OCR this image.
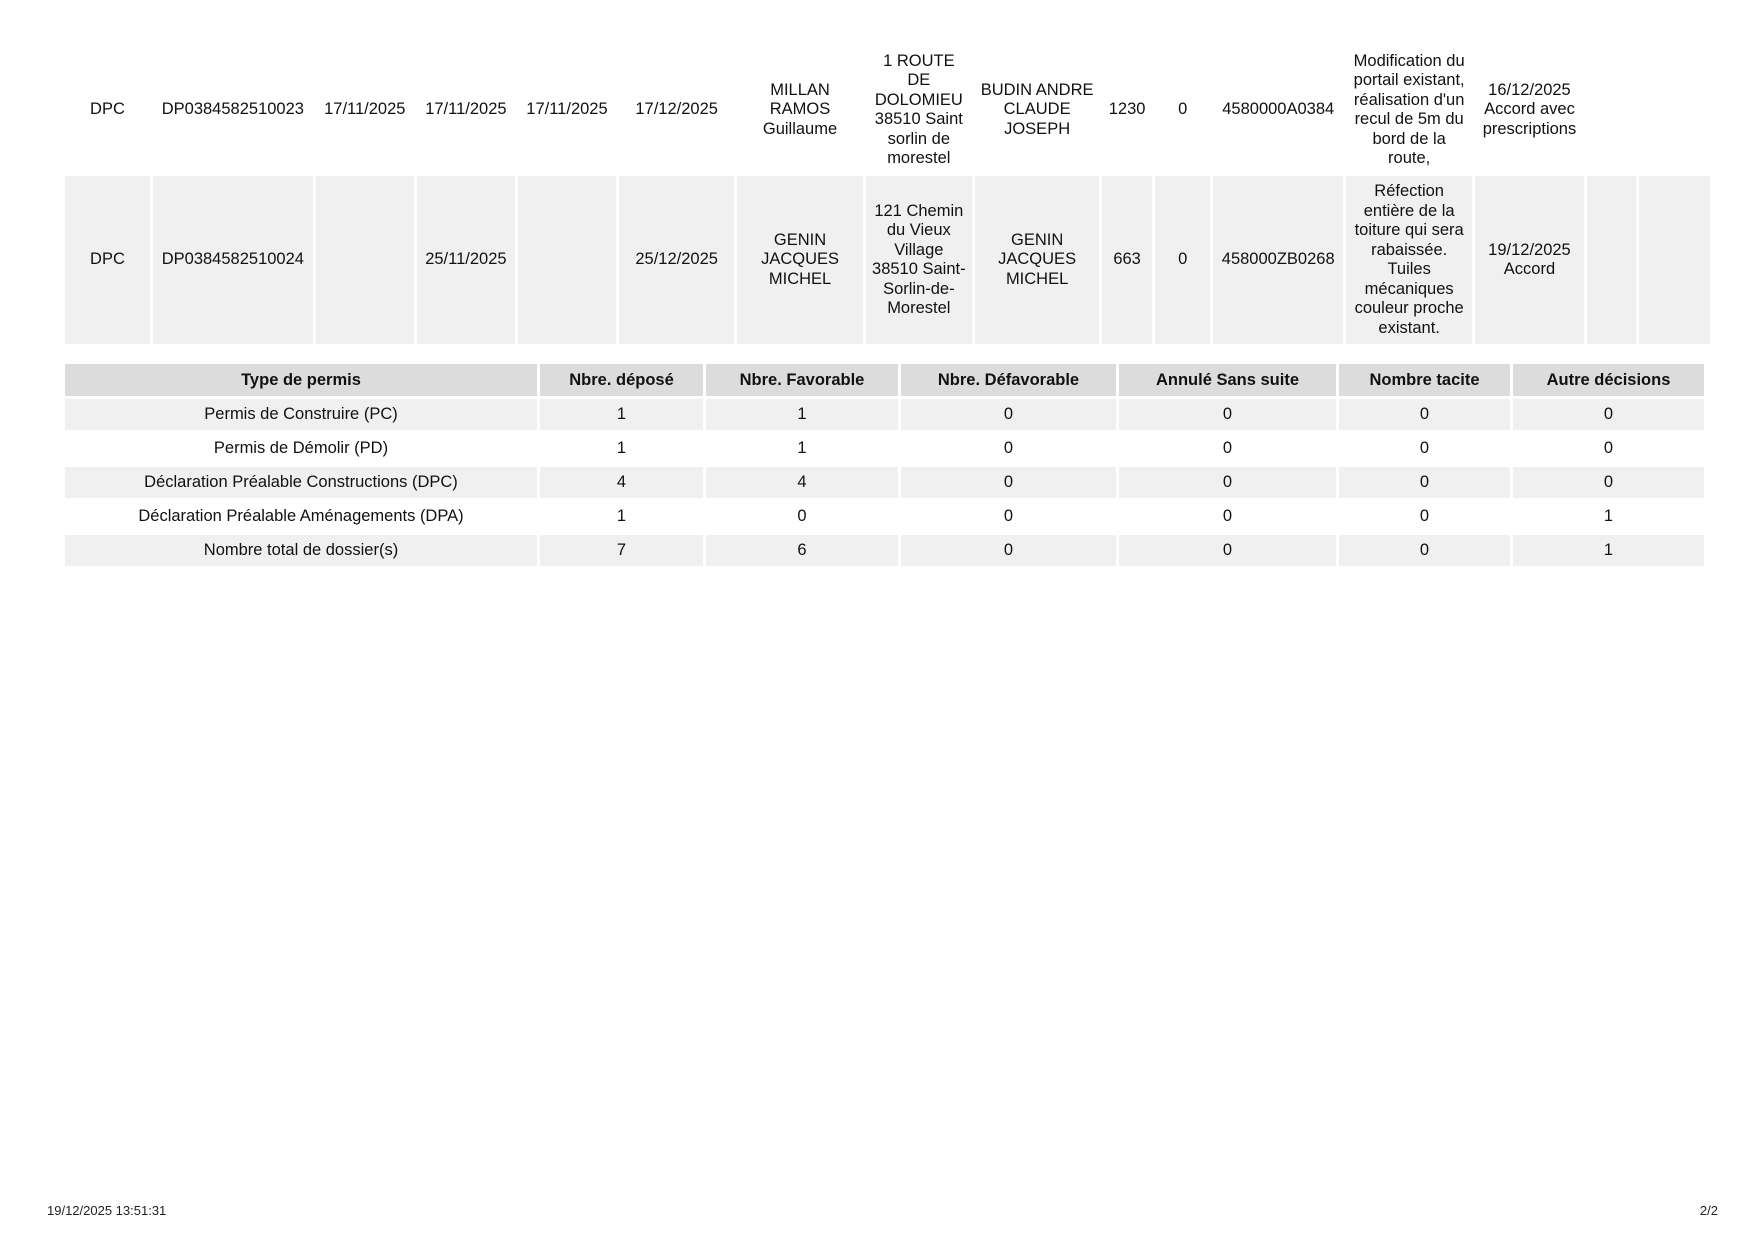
DPC	DP0384582510023	17/11/2025	17/11/2025	17/11/2025	17/12/2025	MILLAN RAMOS Guillaume	1 ROUTE DE DOLOMIEU 38510 Saint sorlin de morestel	BUDIN ANDRE CLAUDE JOSEPH	1230	0	4580000A0384	Modification du portail existant, réalisation d'un recul de 5m du bord de la route,	16/12/2025 Accord avec prescriptions		
DPC	DP0384582510024		25/11/2025		25/12/2025	GENIN JACQUES MICHEL	121 Chemin du Vieux Village 38510 Saint-Sorlin-de-Morestel	GENIN JACQUES MICHEL	663	0	458000ZB0268	Réfection entière de la toiture qui sera rabaissée. Tuiles mécaniques couleur proche existant.	19/12/2025 Accord		
Type de permis	Nbre. déposé	Nbre. Favorable	Nbre. Défavorable	Annulé Sans suite	Nombre tacite	Autre décisions
Permis de Construire (PC)	1	1	0	0	0	0
Permis de Démolir (PD)	1	1	0	0	0	0
Déclaration Préalable Constructions (DPC)	4	4	0	0	0	0
Déclaration Préalable Aménagements (DPA)	1	0	0	0	0	1
Nombre total de dossier(s)	7	6	0	0	0	1
19/12/2025 13:51:31	2/2
